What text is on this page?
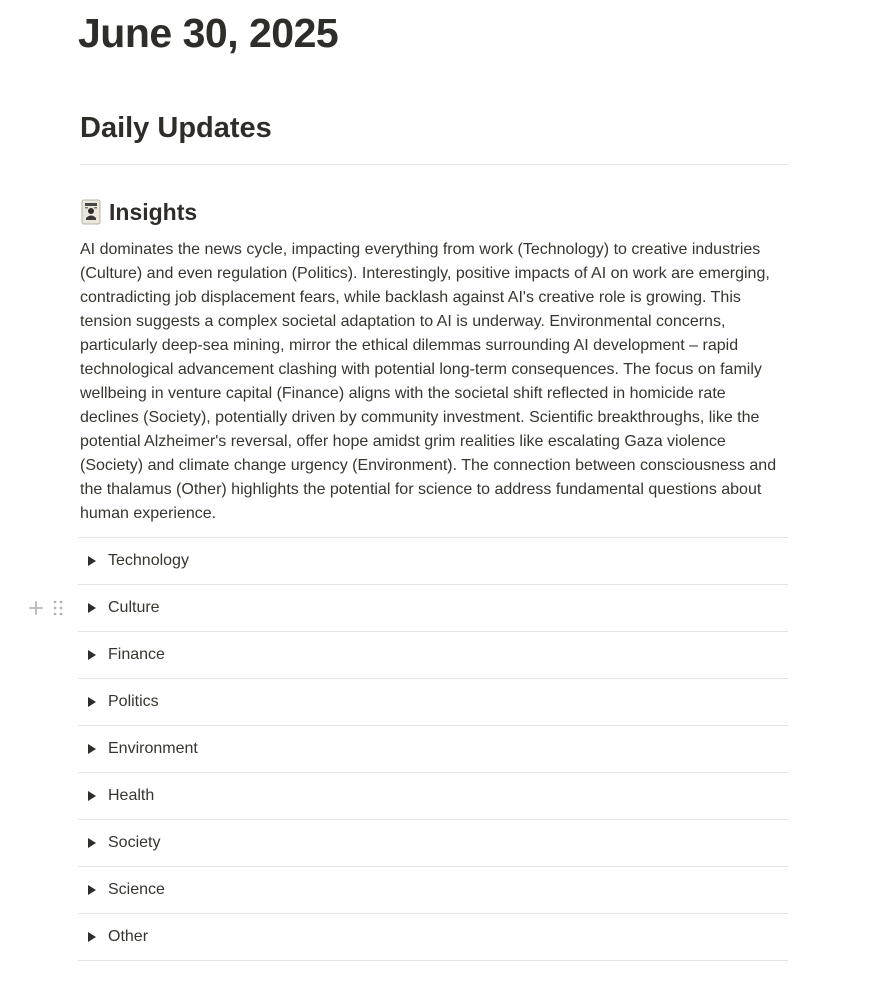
June 30, 2025
Daily Updates
Insights

AI dominates the news cycle, impacting everything from work (Technology) to creative industries (Culture) and even regulation (Politics). Interestingly, positive impacts of AI on work are emerging, contradicting job displacement fears, while backlash against AI's creative role is growing. This tension suggests a complex societal adaptation to AI is underway. Environmental concerns, particularly deep-sea mining, mirror the ethical dilemmas surrounding AI development – rapid technological advancement clashing with potential long-term consequences. The focus on family wellbeing in venture capital (Finance) aligns with the societal shift reflected in homicide rate declines (Society), potentially driven by community investment. Scientific breakthroughs, like the potential Alzheimer's reversal, offer hope amidst grim realities like escalating Gaza violence (Society) and climate change urgency (Environment). The connection between consciousness and the thalamus (Other) highlights the potential for science to address fundamental questions about human experience.

Technology
Culture
Finance
Politics
Environment
Health
Society
Science
Other
